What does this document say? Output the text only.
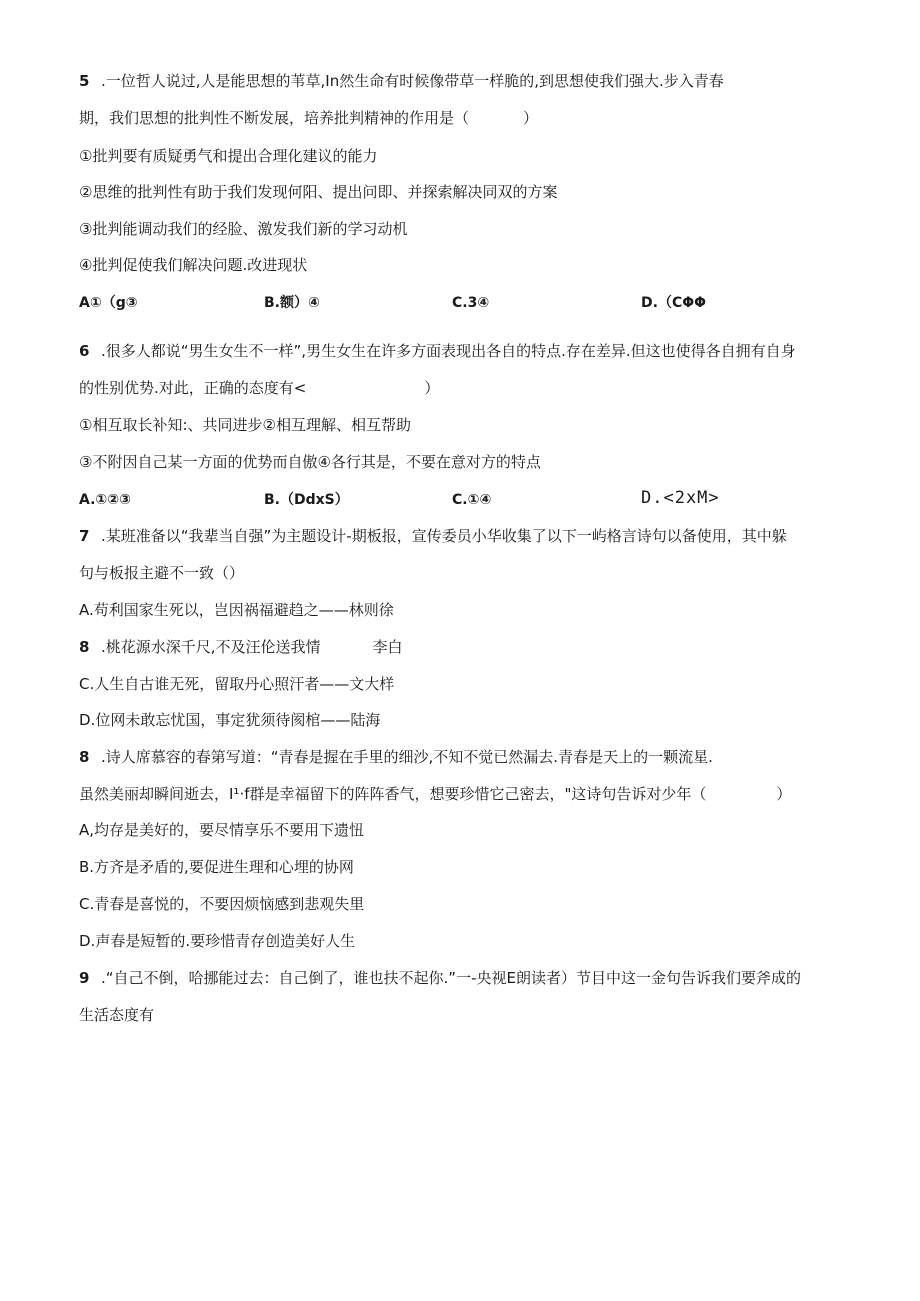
5 .一位哲人说过,人是能思想的苇草,In然生命有时候像带草一样脆的,到思想使我们强大.步入青春
期，我们思想的批判性不断发展，培养批判精神的作用是（	）
①批判要有质疑勇气和提出合理化建议的能力
②思维的批判性有助于我们发现何阳、提出问即、并探索解决同双的方案
③批判能调动我们的经脸、激发我们新的学习动机
④批判促使我们解决问题.改进现状
A①（g③	B.额）④	C.3④	D.（CΦΦ
6 .很多人都说“男生女生不一样”,男生女生在许多方面表现出各自的特点.存在差异.但这也使得各自拥有自身
的性别优势.对此，正确的态度有<	）
①相互取长补知:、共同进步②相互理解、相互帮助
③不附因自己某一方面的优势而自傲④各行其是，不要在意对方的特点
A.①②③	B.（DdxS）	C.①④	D.<2xM>
7 .某班准备以“我辈当自强”为主题设计-期板报，宣传委员小华收集了以下一屿格言诗句以备使用，其中躲
句与板报主避不一致（）
A.苟利国家生死以，岂因祸福避趋之——林则徐
8 .桃花源水深千尺,不及汪伦送我情	李白
C.人生自古谁无死，留取丹心照汗者——文大样
D.位网未敢忘忧国，事定犹须待阂棺——陆海
8 .诗人席慕容的春第写道：“青春是握在手里的细沙,不知不觉已然漏去.青春是天上的一颗流星.
虽然美丽却瞬间逝去，I¹·f群是幸福留下的阵阵香气，想要珍惜它己密去，"这诗句告诉对少年（	）
A,均存是美好的，要尽情享乐不要用下遗忸
B.方齐是矛盾的,要促进生理和心埋的协网
C.青春是喜悦的，不要因烦恼感到悲观失里
D.声春是短暂的.要珍惜青存创造美好人生
9 .“自己不倒，哈挪能过去：自己倒了，谁也扶不起你.”一-央视E朗读者）节目中这一金句告诉我们要斧成的
生活态度有
